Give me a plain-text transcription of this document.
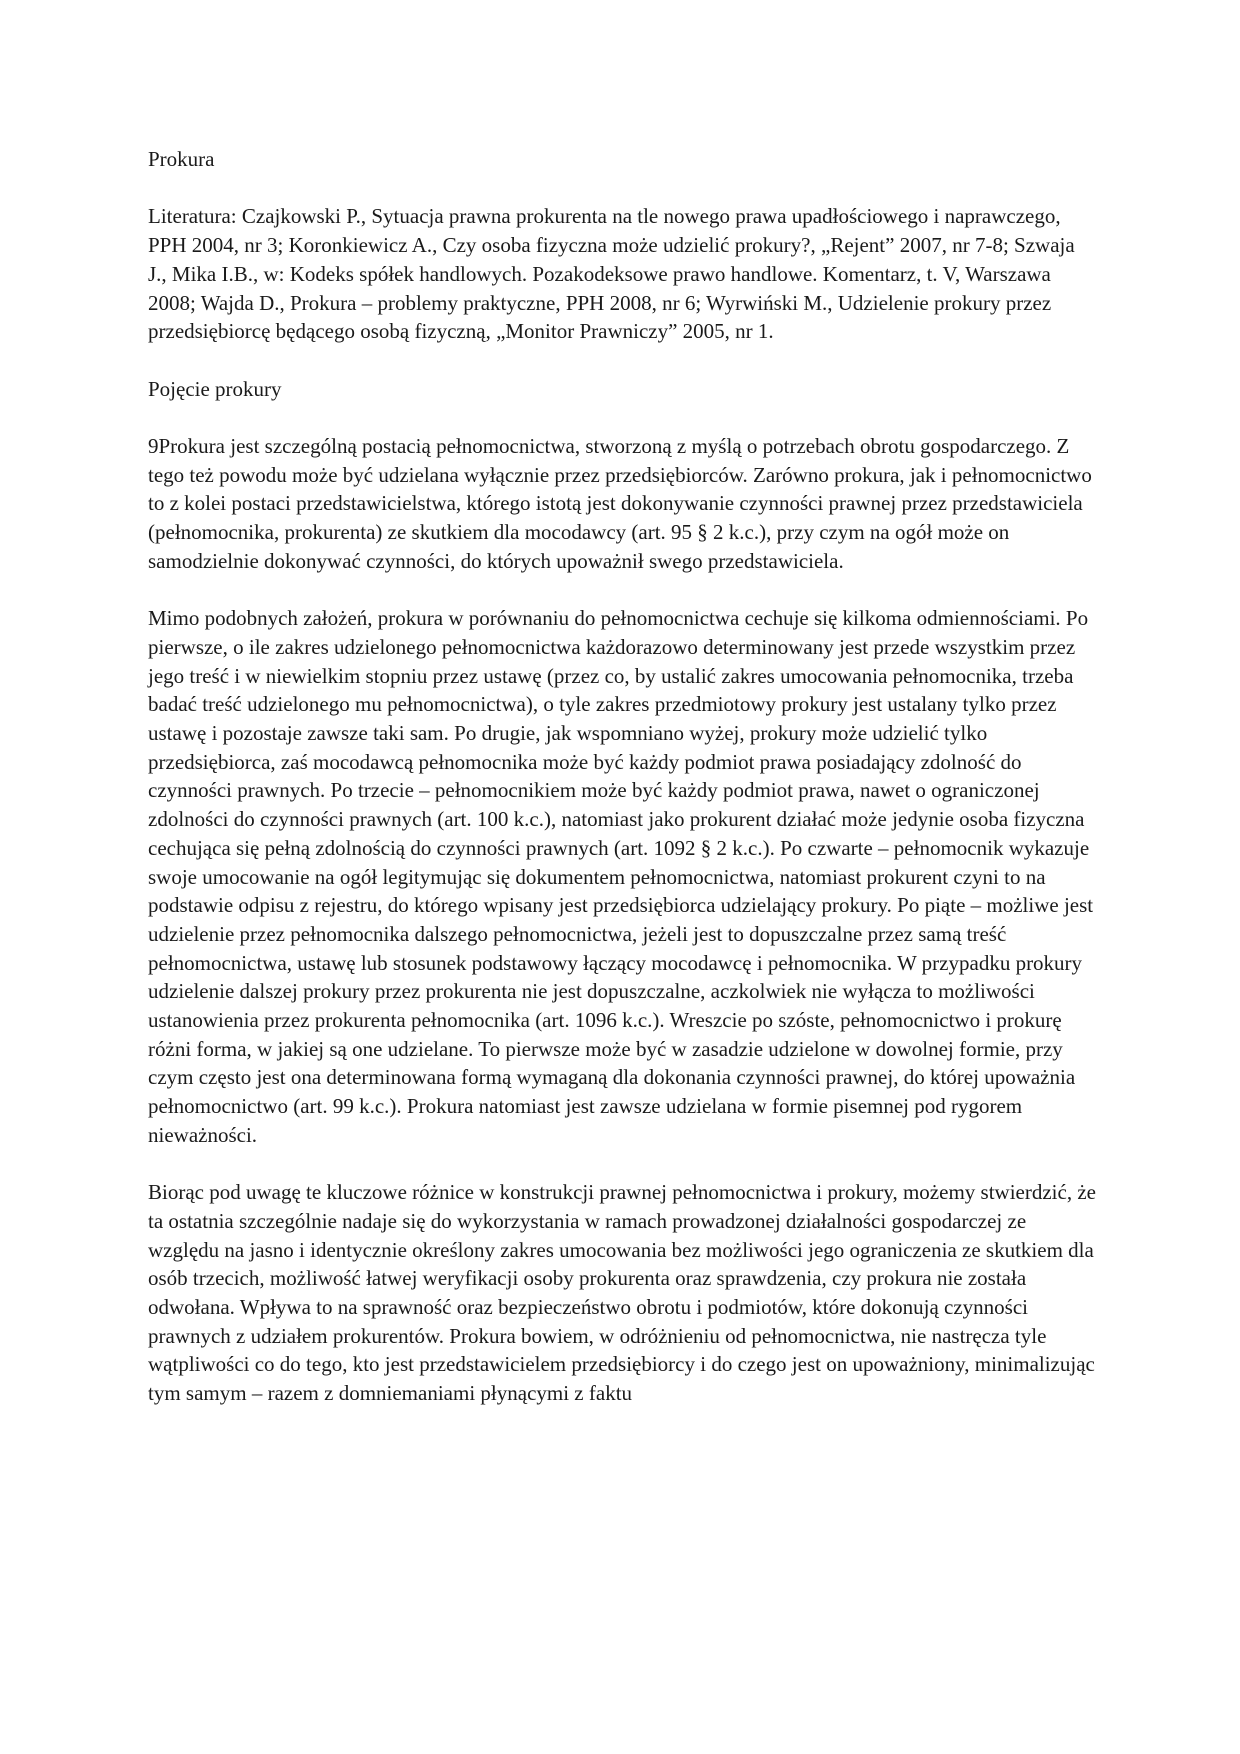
Prokura

Literatura: Czajkowski P., Sytuacja prawna prokurenta na tle nowego prawa upadłościowego i naprawczego, PPH 2004, nr 3; Koronkiewicz A., Czy osoba fizyczna może udzielić prokury?, „Rejent” 2007, nr 7-8; Szwaja J., Mika I.B., w: Kodeks spółek handlowych. Pozakodeksowe prawo handlowe. Komentarz, t. V, Warszawa 2008; Wajda D., Prokura – problemy praktyczne, PPH 2008, nr 6; Wyrwiński M., Udzielenie prokury przez przedsiębiorcę będącego osobą fizyczną, „Monitor Prawniczy” 2005, nr 1.

Pojęcie prokury

9Prokura jest szczególną postacią pełnomocnictwa, stworzoną z myślą o potrzebach obrotu gospodarczego. Z tego też powodu może być udzielana wyłącznie przez przedsiębiorców. Zarówno prokura, jak i pełnomocnictwo to z kolei postaci przedstawicielstwa, którego istotą jest dokonywanie czynności prawnej przez przedstawiciela (pełnomocnika, prokurenta) ze skutkiem dla mocodawcy (art. 95 § 2 k.c.), przy czym na ogół może on samodzielnie dokonywać czynności, do których upoważnił swego przedstawiciela.

Mimo podobnych założeń, prokura w porównaniu do pełnomocnictwa cechuje się kilkoma odmiennościami. Po pierwsze, o ile zakres udzielonego pełnomocnictwa każdorazowo determinowany jest przede wszystkim przez jego treść i w niewielkim stopniu przez ustawę (przez co, by ustalić zakres umocowania pełnomocnika, trzeba badać treść udzielonego mu pełnomocnictwa), o tyle zakres przedmiotowy prokury jest ustalany tylko przez ustawę i pozostaje zawsze taki sam. Po drugie, jak wspomniano wyżej, prokury może udzielić tylko przedsiębiorca, zaś mocodawcą pełnomocnika może być każdy podmiot prawa posiadający zdolność do czynności prawnych. Po trzecie – pełnomocnikiem może być każdy podmiot prawa, nawet o ograniczonej zdolności do czynności prawnych (art. 100 k.c.), natomiast jako prokurent działać może jedynie osoba fizyczna cechująca się pełną zdolnością do czynności prawnych (art. 1092 § 2 k.c.). Po czwarte – pełnomocnik wykazuje swoje umocowanie na ogół legitymując się dokumentem pełnomocnictwa, natomiast prokurent czyni to na podstawie odpisu z rejestru, do którego wpisany jest przedsiębiorca udzielający prokury. Po piąte – możliwe jest udzielenie przez pełnomocnika dalszego pełnomocnictwa, jeżeli jest to dopuszczalne przez samą treść pełnomocnictwa, ustawę lub stosunek podstawowy łączący mocodawcę i pełnomocnika. W przypadku prokury udzielenie dalszej prokury przez prokurenta nie jest dopuszczalne, aczkolwiek nie wyłącza to możliwości ustanowienia przez prokurenta pełnomocnika (art. 1096 k.c.). Wreszcie po szóste, pełnomocnictwo i prokurę różni forma, w jakiej są one udzielane. To pierwsze może być w zasadzie udzielone w dowolnej formie, przy czym często jest ona determinowana formą wymaganą dla dokonania czynności prawnej, do której upoważnia pełnomocnictwo (art. 99 k.c.). Prokura natomiast jest zawsze udzielana w formie pisemnej pod rygorem nieważności.

Biorąc pod uwagę te kluczowe różnice w konstrukcji prawnej pełnomocnictwa i prokury, możemy stwierdzić, że ta ostatnia szczególnie nadaje się do wykorzystania w ramach prowadzonej działalności gospodarczej ze względu na jasno i identycznie określony zakres umocowania bez możliwości jego ograniczenia ze skutkiem dla osób trzecich, możliwość łatwej weryfikacji osoby prokurenta oraz sprawdzenia, czy prokura nie została odwołana. Wpływa to na sprawność oraz bezpieczeństwo obrotu i podmiotów, które dokonują czynności prawnych z udziałem prokurentów. Prokura bowiem, w odróżnieniu od pełnomocnictwa, nie nastręcza tyle wątpliwości co do tego, kto jest przedstawicielem przedsiębiorcy i do czego jest on upoważniony, minimalizując tym samym – razem z domniemaniami płynącymi z faktu
